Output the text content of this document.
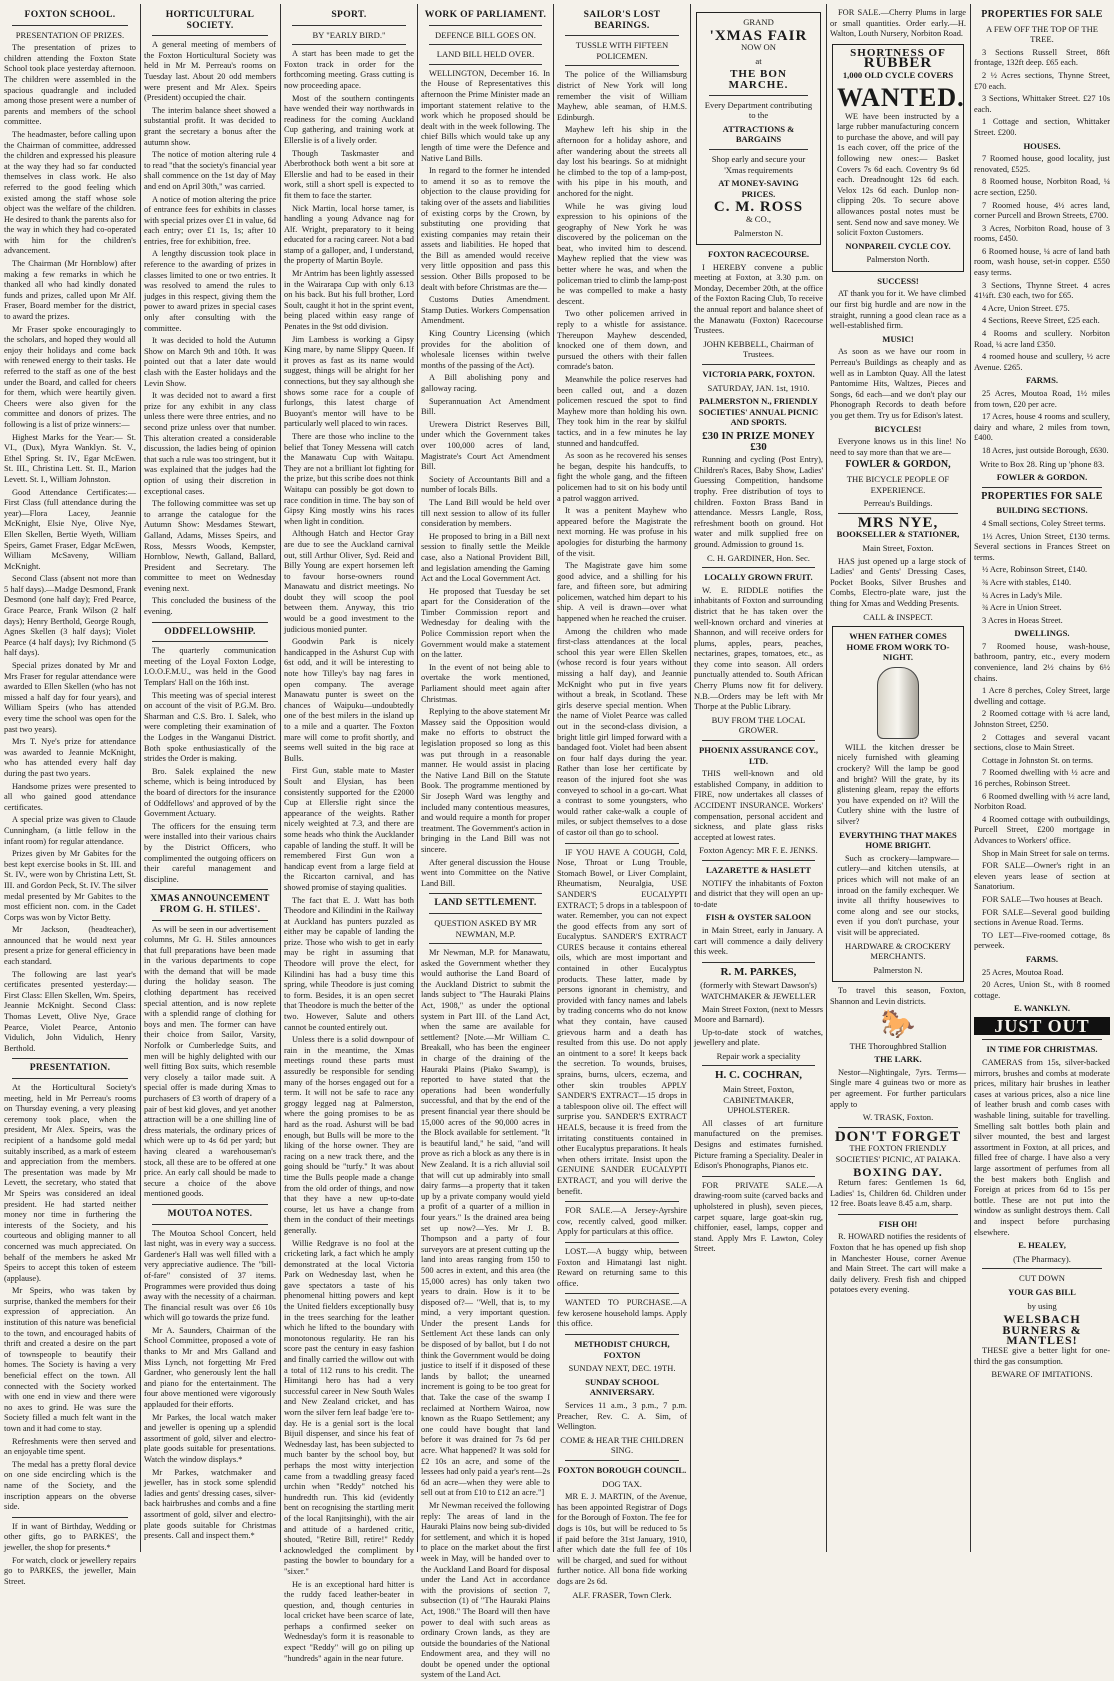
FOXTON SCHOOL.
PRESENTATION OF PRIZES.

The presentation of prizes to children attending the Foxton State School took place yesterday afternoon. The children were assembled in the spacious quadrangle and included among those present were a number of parents and members of the school committee.

The headmaster, before calling upon the Chairman of committee, addressed the children and expressed his pleasure at the way they had so far conducted themselves in class work. He also referred to the good feeling which existed among the staff whose sole object was the welfare of the children. He desired to thank the parents also for the way in which they had co-operated with him for the children's advancement.

The Chairman (Mr Hornblow) after making a few remarks in which he thanked all who had kindly donated funds and prizes, called upon Mr Alf. Fraser, Board member for the district, to award the prizes.

Mr Fraser spoke encouragingly to the scholars, and hoped they would all enjoy their holidays and come back with renewed energy to their tasks. He referred to the staff as one of the best under the Board, and called for cheers for them, which were heartily given. Cheers were also given for the committee and donors of prizes. The following is a list of prize winners:—

Highest Marks for the Year:— St. VI., (Dux), Myra Wanklyn. St. V., Ethel Spring. St. IV., Egar McEwen. St. III., Christina Lett. St. II., Marion Levett. St. I., William Johnston.

Good Attendance Certificates:— First Class (full attendance during the year)—Flora Lacey, Jeannie McKnight, Elsie Nye, Olive Nye, Ellen Skellen, Bertie Wyeth, William Speirs, Gamet Fraser, Edgar McEwen, William McSaveny, William McKnight.

Second Class (absent not more than 5 half days).—Madge Desmond, Frank Desmond (one half day); Fred Pearce, Grace Pearce, Frank Wilson (2 half days); Henry Berthold, George Rough, Agnes Skellen (3 half days); Violet Pearce (4 half days); Ivy Richmond (5 half days).

Special prizes donated by Mr and Mrs Fraser for regular attendance were awarded to Ellen Skellen (who has not missed a half day for four years), and William Speirs (who has attended every time the school was open for the past two years).

Mrs T. Nye's prize for attendance was awarded to Jeannie McKnight, who has attended every half day during the past two years.

Handsome prizes were presented to all who gained good attendance certificates.

A special prize was given to Claude Cunningham, (a little fellow in the infant room) for regular attendance.

Prizes given by Mr Gabites for the best kept exercise books in St. III. and St. IV., were won by Christina Lett, St. III. and Gordon Peck, St. IV. The silver medal presented by Mr Gabites to the most efficient non. com. in the Cadet Corps was won by Victor Betty.

Mr Jackson, (headteacher), announced that he would next year present a prize for general efficiency in each standard.

The following are last year's certificates presented yesterday:— First Class: Ellen Skellen, Wm. Speirs, Jeannie McKnight. Second Class: Thomas Levett, Olive Nye, Grace Pearce, Violet Pearce, Antonio Vidulich, John Vidulich, Henry Berthold.

PRESENTATION.

At the Horticultural Society's meeting, held in Mr Perreau's rooms on Thursday evening, a very pleasing ceremony took place, when the president, Mr Alex. Speirs, was the recipient of a handsome gold medal suitably inscribed, as a mark of esteem and appreciation from the members. The presentation was made by Mr Levett, the secretary, who stated that Mr Speirs was considered an ideal president. He had started neither money nor time in furthering the interests of the Society, and his courteous and obliging manner to all concerned was much appreciated. On behalf of the members he asked Mr Speirs to accept this token of esteem (applause).

Mr Speirs, who was taken by surprise, thanked the members for their expression of appreciation. An institution of this nature was beneficial to the town, and encouraged habits of thrift and created a desire on the part of townspeople to beautify their homes. The Society is having a very beneficial effect on the town. All connected with the Society worked with one end in view and there were no axes to grind. He was sure the Society filled a much felt want in the town and it had come to stay.

Refreshments were then served and an enjoyable time spent.

The medal has a pretty floral device on one side encircling which is the name of the Society, and the inscription appears on the obverse side.

If in want of Birthday, Wedding or other gifts, go to PARKES', the jeweller, the shop for presents.*

For watch, clock or jewellery repairs go to PARKES, the jeweller, Main Street.

HORTICULTURAL SOCIETY.

A general meeting of members of the Foxton Horticultural Society was held in Mr M. Perreau's rooms on Tuesday last. About 20 odd members were present and Mr Alex. Speirs (President) occupied the chair.

The interim balance sheet showed a substantial profit. It was decided to grant the secretary a bonus after the autumn show.

The notice of motion altering rule 4 to read "that the society's financial year shall commence on the 1st day of May and end on April 30th," was carried.

A notice of motion altering the price of entrance fees for exhibits in classes with special prizes over £1 in value, 6d each entry; over £1 1s, 1s; after 10 entries, free for exhibition, free.

A lengthy discussion took place in reference to the awarding of prizes in classes limited to one or two entries. It was resolved to amend the rules to judges in this respect, giving them the power to award prizes in special cases only after consulting with the committee.

It was decided to hold the Autumn Show on March 9th and 10th. It was pointed out that a later date would clash with the Easter holidays and the Levin Show.

It was decided not to award a first prize for any exhibit in any class unless there were three entries, and no second prize unless over that number. This alteration created a considerable discussion, the ladies being of opinion that such a rule was too stringent, but it was explained that the judges had the option of using their discretion in exceptional cases.

The following committee was set up to arrange the catalogue for the Autumn Show: Mesdames Stewart, Galland, Adams, Misses Speirs, and Ross, Messrs Woods, Kempster, Hornblow, Newth, Galland, Ballard, President and Secretary. The committee to meet on Wednesday evening next.

This concluded the business of the evening.

ODDFELLOWSHIP.

The quarterly communication meeting of the Loyal Foxton Lodge, I.O.O.F.M.U., was held in the Good Templars' Hall on the 16th inst.

This meeting was of special interest on account of the visit of P.G.M. Bro. Sharman and C.S. Bro. I. Salek, who were completing their examination of the Lodges in the Wanganui District. Both spoke enthusiastically of the strides the Order is making.

Bro. Salek explained the new scheme, which is being introduced by the board of directors for the insurance of Oddfellows' and approved of by the Government Actuary.

The officers for the ensuing term were installed into their various chairs by the District Officers, who complimented the outgoing officers on their careful management and discipline.

XMAS ANNOUNCEMENT FROM G. H. STILES'.

As will be seen in our advertisement columns, Mr G. H. Stiles announces that full preparations have been made in the various departments to cope with the demand that will be made during the holiday season. The clothing department has received special attention, and is now replete with a splendid range of clothing for boys and men. The former can have their choice from Sailor, Varsity, Norfolk or Cumberledge Suits, and men will be highly delighted with our well fitting Box suits, which resemble very closely a tailor made suit. A special offer is made during Xmas to purchasers of £3 worth of drapery of a pair of best kid gloves, and yet another attraction will be a one shilling line of dress materials, the ordinary prices of which were up to 4s 6d per yard; but having cleared a warehouseman's stock, all these are to be offered at one price. An early call should be made to secure a choice of the above mentioned goods.

MOUTOA NOTES.

The Moutoa School Concert, held last night, was in every way a success. Gardener's Hall was well filled with a very appreciative audience. The "bill-of-fare" consisted of 37 items. Programmes were provided thus doing away with the necessity of a chairman. The financial result was over £6 10s which will go towards the prize fund.

Mr A. Saunders, Chairman of the School Committee, proposed a vote of thanks to Mr and Mrs Galland and Miss Lynch, not forgetting Mr Fred Gardner, who generously lent the hall and piano for the entertainment. The four above mentioned were vigorously applauded for their efforts.

Mr Parkes, the local watch maker and jeweller is opening up a splendid assortment of gold, silver and electro-plate goods suitable for presentations. Watch the window displays.*

Mr Parkes, watchmaker and jeweller, has in stock some splendid ladies and gents' dressing cases, silver-back hairbrushes and combs and a fine assortment of gold, silver and electro-plate goods suitable for Christmas presents. Call and inspect them.*

SPORT.
BY "EARLY BIRD."

A start has been made to get the Foxton track in order for the forthcoming meeting. Grass cutting is now proceeding apace.

Most of the southern contingents have wended their way northwards in readiness for the coming Auckland Cup gathering, and training work at Ellerslie is of a lively order.

Though Taskmaster and Aberbrothock both went a bit sore at Ellerslie and had to be eased in their work, still a short spell is expected to fit them to face the starter.

Nick Martin, local horse tamer, is handling a young Advance nag for Alf. Wright, preparatory to it being educated for a racing career. Not a bad stamp of a galloper, and, I understand, the property of Martin Boyle.

Mr Antrim has been lightly assessed in the Wairarapa Cup with only 6.13 on his back. But his full brother, Lord Soult, caught it hot in the sprint event, being placed within easy range of Penates in the 9st odd division.

Jim Lambess is working a Gipsy King mare, by name Slippy Queen. If it proves as fast as its name would suggest, things will be alright for her connections, but they say although she shows some race for a couple of furlongs, this latest charge of Buoyant's mentor will have to be particularly well placed to win races.

There are those who incline to the belief that Toney Messena will catch the Manawatu Cup with Waitapu. They are not a brilliant lot fighting for the prize, but this scribe does not think Waitapu can possibly be got down to race condition in time. The bay son of Gipsy King mostly wins his races when light in condition.

Although Hatch and Hector Gray are due to see the Auckland carnival out, still Arthur Oliver, Syd. Reid and Billy Young are expert horsemen left to favour horse-owners round Manawatu and district meetings. No doubt they will scoop the pool between them. Anyway, this trio would be a good investment to the judicious monied punter.

Goodwin Park is nicely handicapped in the Ashurst Cup with 6st odd, and it will be interesting to note how Tilley's bay nag fares in open company. The average Manawatu punter is sweet on the chances of Waipuku—undoubtedly one of the best milers in the island up to a mile and a quarter. The Foxton mare will come to profit shortly, and seems well suited in the big race at Bulls.

First Gun, stable mate to Master Soult and Elysian, has been consistently supported for the £2000 Cup at Ellerslie right since the appearance of the weights. Rather nicely weighted at 7.3, and there are some heads who think the Aucklander capable of landing the stuff. It will be remembered First Gun won a handicap event from a large field at the Riccarton carnival, and has showed promise of staying qualities.

The fact that E. J. Watt has both Theodore and Kilindini in the Railway at Auckland has punters puzzled as either may be capable of landing the prize. Those who wish to get in early may be right in assuming that Theodore will prove the elect, for Kilindini has had a busy time this spring, while Theodore is just coming to form. Besides, it is an open secret that Theodore is much the better of the two. However, Salute and others cannot be counted entirely out.

Unless there is a solid downpour of rain in the meantime, the Xmas meetings round these parts must assuredly be responsible for sending many of the horses engaged out for a term. It will not be safe to race any groggy legged nag at Palmerston, where the going promises to be as hard as the road. Ashurst will be bad enough, but Bulls will be more to the liking of the horse owner. They are racing on a new track there, and the going should be "turfy." It was about time the Bulls people made a change from the old order of things, and now that they have a new up-to-date course, let us have a change from them in the conduct of their meetings generally.

Willie Redgrave is no fool at the cricketing lark, a fact which he amply demonstrated at the local Victoria Park on Wednesday last, when he gave spectators a taste of his phenomenal hitting powers and kept the United fielders exceptionally busy in the trees searching for the leather which he lifted to the boundary with monotonous regularity. He ran his score past the century in easy fashion and finally carried the willow out with a total of 112 runs to his credit. The Himitangi hero has had a very successful career in New South Wales and New Zealand cricket, and has worn the silver fern leaf badge 'ere to-day. He is a genial sort is the local Bijuil dispenser, and since his feat of Wednesday last, has been subjected to much banter by the school boy, but perhaps the most witty interjection came from a twaddling greasy faced urchin when "Reddy" notched his hundredth run. This kid (evidently bent on recognising the startling merit of the local Ranjitsinghi), with the air and attitude of a hardened critic, shouted, "Retire Bill, retire!" Reddy acknowledged the compliment by pasting the bowler to boundary for a "sixer."

He is an exceptional hard hitter is the ruddy faced leather-beater in question, and, though centuries in local cricket have been scarce of late, perhaps a confirmed seeker on Wednesday's form it is reasonable to expect "Reddy" will go on piling up "hundreds" again in the near future.

WORK OF PARLIAMENT.
DEFENCE BILL GOES ON.
LAND BILL HELD OVER.

WELLINGTON, December 16. In the House of Representatives this afternoon the Prime Minister made an important statement relative to the work which he proposed should be dealt with in the week following. The chief Bills which would take up any length of time were the Defence and Native Land Bills.

In regard to the former he intended to amend it so as to remove the objection to the clause providing for taking over of the assets and liabilities of existing corps by the Crown, by substituting one providing that existing companies may retain their assets and liabilities. He hoped that the Bill as amended would receive very little opposition and pass this session. Other Bills proposed to be dealt with before Christmas are the—

Customs Duties Amendment. Stamp Duties. Workers Compensation Amendment.

King Country Licensing (which provides for the abolition of wholesale licenses within twelve months of the passing of the Act).

A Bill abolishing pony and galloway racing.

Superannuation Act Amendment Bill.

Urewera District Reserves Bill, under which the Government takes over 100,000 acres of land, Magistrate's Court Act Amendment Bill.

Society of Accountants Bill and a number of locals Bills.

The Land Bill would be held over till next session to allow of its fuller consideration by members.

He proposed to bring in a Bill next session to finally settle the Meikle case, also a National Provident Bill, and legislation amending the Gaming Act and the Local Government Act.

He proposed that Tuesday be set apart for the Consideration of the Timber Commission report and Wednesday for dealing with the Police Commission report when the Government would make a statement on the latter.

In the event of not being able to overtake the work mentioned, Parliament should meet again after Christmas.

Replying to the above statement Mr Massey said the Opposition would make no efforts to obstruct the legislation proposed so long as this was put through in a reasonable manner. He would assist in placing the Native Land Bill on the Statute Book. The programme mentioned by Sir Joseph Ward was lengthy and included many contentious measures, and would require a month for proper treatment. The Government's action in bringing in the Land Bill was not sincere.

After general discussion the House went into Committee on the Native Land Bill.

LAND SETTLEMENT.
QUESTION ASKED BY MR NEWMAN, M.P.

Mr Newman, M.P. for Manawatu, asked the Government whether they would authorise the Land Board of the Auckland District to submit the lands subject to "The Hauraki Plains Act, 1908," as under the optional system in Part III. of the Land Act, when the same are available for settlement? [Note.—Mr William C. Breakall, who has been the engineer in charge of the draining of the Hauraki Plains (Piako Swamp), is reported to have stated that the operations had been wonderfully successful, and that by the end of the present financial year there should be 15,000 acres of the 90,000 acres in the Block available for settlement. "It is beautiful land," he said, "and will prove as rich a block as any there is in New Zealand. It is a rich alluvial soil that will cut up admirably into small dairy farms—a property that it taken up by a private company would yield a profit of a quarter of a million in four years." Is the drained area being set up now?—Yes. Mr J. B. Thompson and a party of four surveyors are at present cutting up the land into areas ranging from 150 to 500 acres in extent, and this area (the 15,000 acres) has only taken two years to drain. How is it to be disposed of?— "Well, that is, to my mind, a very important question. Under the present Lands for Settlement Act these lands can only be disposed of by ballot, but I do not think the Government would be doing justice to itself if it disposed of these lands by ballot; the unearned increment is going to be too great for that. Take the case of the swamp I reclaimed at Northern Wairoa, now known as the Ruapo Settlement; any one could have bought that land before it was drained for 7s 6d per acre. What happened? It was sold for £2 10s an acre, and some of the lessees had only paid a year's rent—2s 6d an acre—when they were able to sell out at from £10 to £12 an acre."]

Mr Newman received the following reply: The areas of land in the Hauraki Plains now being sub-divided for settlement, and which it is hoped to place on the market about the first week in May, will be handed over to the Auckland Land Board for disposal under the Land Act in accordance with the provisions of section 7, subsection (1) of "The Hauraki Plains Act, 1908." The Board will then have power to deal with such areas as ordinary Crown lands, as they are outside the boundaries of the National Endowment area, and they will no doubt be opened under the optional system of the Land Act.

SAILOR'S LOST BEARINGS.
TUSSLE WITH FIFTEEN POLICEMEN.

The police of the Williamsburg district of New York will long remember the visit of William Mayhew, able seaman, of H.M.S. Edinburgh.

Mayhew left his ship in the afternoon for a holiday ashore, and after wandering about the streets all day lost his bearings. So at midnight he climbed to the top of a lamp-post, with his pipe in his mouth, and anchored for the night.

While he was giving loud expression to his opinions of the geography of New York he was discovered by the policeman on the beat, who invited him to descend. Mayhew replied that the view was better where he was, and when the policeman tried to climb the lamp-post he was compelled to make a hasty descent.

Two other policemen arrived in reply to a whistle for assistance. Thereupon Mayhew descended, knocked one of them down, and pursued the others with their fallen comrade's baton.

Meanwhile the police reserves had been called out, and a dozen policemen rescued the spot to find Mayhew more than holding his own. They took him in the rear by skilful tactics, and in a few minutes he lay stunned and handcuffed.

As soon as he recovered his senses he began, despite his handcuffs, to fight the whole gang, and the fifteen policemen had to sit on his body until a patrol waggon arrived.

It was a penitent Mayhew who appeared before the Magistrate the next morning. He was profuse in his apologies for disturbing the harmony of the visit.

The Magistrate gave him some good advice, and a shilling for his fare, and fifteen sore, but admiring policemen, watched him depart to his ship. A veil is drawn—over what happened when he reached the cruiser.

Among the children who made first-class attendances at the local school this year were Ellen Skellen (whose record is four years without missing a half day), and Jeannie McKnight who put in five years without a break, in Scotland. These girls deserve special mention. When the name of Violet Pearce was called out in the second-class division, a bright little girl limped forward with a bandaged foot. Violet had been absent on four half days during the year. Rather than lose her certificate by reason of the injured foot she was conveyed to school in a go-cart. What a contrast to some youngsters, who would rather cake-walk a couple of miles, or subject themselves to a dose of castor oil than go to school.

IF YOU HAVE A COUGH, Cold, Nose, Throat or Lung Trouble, Stomach Bowel, or Liver Complaint, Rheumatism, Neuralgia, USE SANDER'S EUCALYPTI EXTRACT; 5 drops in a tablespoon of water. Remember, you can not expect the good effects from any sort of Eucalyptus. SANDER'S EXTRACT CURES because it contains ethereal oils, which are most important and contained in other Eucalyptus products. These latter, made by persons ignorant in chemistry, and provided with fancy names and labels by trading concerns who do not know what they contain, have caused grievous harm and a death has resulted from this use. Do not apply an ointment to a sore! It keeps back the secretion. To wounds, bruises, sprains, burns, ulcers, eczema, and other skin troubles APPLY SANDER'S EXTRACT—15 drops in a tablespoon olive oil. The effect will surprise you. SANDER'S EXTRACT HEALS, because it is freed from the irritating constituents contained in other Eucalyptus preparations. It heals when others irritate. Insist upon the GENUINE SANDER EUCALYPTI EXTRACT, and you will derive the benefit.

FOR SALE.—A Jersey-Ayrshire cow, recently calved, good milker. Apply for particulars at this office.

LOST.—A buggy whip, between Foxton and Himatangi last night. Reward on returning same to this office.

WANTED TO PURCHASE.—A few kerosene household lamps. Apply this office.

METHODIST CHURCH, FOXTON
SUNDAY NEXT, DEC. 19TH.
SUNDAY SCHOOL ANNIVERSARY.

Services 11 a.m., 3 p.m., 7 p.m. Preacher, Rev. C. A. Sim, of Wellington.

COME & HEAR THE CHILDREN SING.
FOXTON BOROUGH COUNCIL.
DOG TAX.

MR E. J. MARTIN, of the Avenue, has been appointed Registrar of Dogs for the Borough of Foxton. The fee for dogs is 10s, but will be reduced to 5s if paid before the 31st January, 1910, after which date the full fee of 10s will be charged, and sued for without further notice. All bona fide working dogs are 2s 6d.

ALF. FRASER, Town Clerk.
GRAND
'XMAS FAIR
NOW ON
at
THE BON MARCHE.
Every Department contributing to the
ATTRACTIONS & BARGAINS
Shop early and secure your 'Xmas requirements
AT MONEY-SAVING PRICES.
C. M. ROSS
& CO.,
Palmerston N.
FOXTON RACECOURSE.

I HEREBY convene a public meeting at Foxton, at 3.30 p.m. on Monday, December 20th, at the office of the Foxton Racing Club, To receive the annual report and balance sheet of the Manawatu (Foxton) Racecourse Trustees.

JOHN KEBBELL, Chairman of Trustees.
VICTORIA PARK, FOXTON.
SATURDAY, JAN. 1st, 1910.
PALMERSTON N., FRIENDLY SOCIETIES' ANNUAL PICNIC AND SPORTS.
£30 IN PRIZE MONEY £30

Running and cycling (Post Entry), Children's Races, Baby Show, Ladies' Guessing Competition, handsome trophy. Free distribution of toys to children. Foxton Brass Band in attendance. Messrs Langle, Ross, refreshment booth on ground. Hot water and milk supplied free on ground. Admission to ground 1s.

C. H. GARDINER, Hon. Sec.
LOCALLY GROWN FRUIT.

W. E. RIDDLE notifies the inhabitants of Foxton and surrounding district that he has taken over the well-known orchard and vineries at Shannon, and will receive orders for plums, apples, pears, peaches, nectarines, grapes, tomatoes, etc., as they come into season. All orders punctually attended to. South African Cherry Plums now fit for delivery. N.B.—Orders may be left with Mr Thorpe at the Public Library.

BUY FROM THE LOCAL GROWER.
PHOENIX ASSURANCE COY., LTD.

THIS well-known and old established Company, in addition to FIRE, now undertakes all classes of ACCIDENT INSURANCE. Workers' compensation, personal accident and sickness, and plate glass risks accepted at lowest rates.

Foxton Agency: MR F. E. JENKS.
LAZARETTE & HASLETT

NOTIFY the inhabitants of Foxton and district that they will open an up-to-date

FISH & OYSTER SALOON

in Main Street, early in January. A cart will commence a daily delivery this week.

R. M. PARKES,
(formerly with Stewart Dawson's) WATCHMAKER & JEWELLER

Main Street Foxton, (next to Messrs Moore and Barnard).

Up-to-date stock of watches, jewellery and plate.

Repair work a speciality
H. C. COCHRAN,
Main Street, Foxton, CABINETMAKER, UPHOLSTERER.

All classes of art furniture manufactured on the premises. Designs and estimates furnished. Picture framing a Speciality. Dealer in Edison's Phonographs, Pianos etc.

FOR PRIVATE SALE.—A drawing-room suite (carved backs and upholstered in plush), seven pieces, carpet square, large goat-skin rug, chiffonier, easel, lamps, copper and stand. Apply Mrs F. Lawton, Coley Street.

FOR SALE.—Cherry Plums in large or small quantities. Order early.—H. Walton, Louth Nursery, Norbiton Road.

SHORTNESS OF
RUBBER
1,000 OLD CYCLE COVERS
WANTED.

WE have been instructed by a large rubber manufacturing concern to purchase the above, and will pay 1s each cover, off the price of the following new ones:— Basket Covers 7s 6d each. Coventry 9s 6d each. Dreadnought 12s 6d each. Velox 12s 6d each. Dunlop non-clipping 20s. To secure above allowances postal notes must be sent. Send now and save money. We solicit Foxton Customers.

NONPAREIL CYCLE COY.
Palmerston North.
SUCCESS!

AT thank you for it. We have climbed our first big hurdle and are now in the straight, running a good clean race as a well-established firm.

MUSIC!

As soon as we have our room in Perreau's Buildings as cheaply and as well as in Lambton Quay. All the latest Pantomime Hits, Waltzes, Pieces and Songs, 6d each—and we don't play our Phonograph Records to death before you get them. Try us for Edison's latest.

BICYCLES!

Everyone knows us in this line! No need to say more than that we are—

FOWLER & GORDON,
THE BICYCLE PEOPLE OF EXPERIENCE.
Perreau's Buildings.
MRS NYE,
BOOKSELLER & STATIONER,
Main Street, Foxton.

HAS just opened up a large stock of Ladies' and Gents' Dressing Cases, Pocket Books, Silver Brushes and Combs, Electro-plate ware, just the thing for Xmas and Wedding Presents.

CALL & INSPECT.
WHEN FATHER COMES HOME FROM WORK TO-NIGHT.

WILL the kitchen dresser be nicely furnished with gleaming crockery? Will the lamp be good and bright? Will the grate, by its glistening gleam, repay the efforts you have expended on it? Will the Cutlery shine with the lustre of silver?

EVERYTHING THAT MAKES HOME BRIGHT.

Such as crockery—lampware—cutlery—and kitchen utensils, at prices which will not make of an inroad on the family exchequer. We invite all thrifty housewives to come along and see our stocks, even if you don't purchase, your visit will be appreciated.

HARDWARE & CROCKERY MERCHANTS.
Palmerston N.

To travel this season, Foxton, Shannon and Levin districts.

🐎
THE Thoroughbred Stallion
THE LARK.

Nestor—Nightingale, 7yrs. Terms—Single mare 4 guineas two or more as per agreement. For further particulars apply to

W. TRASK, Foxton.
DON'T FORGET
THE FOXTON FRIENDLY SOCIETIES' PICNIC, AT PAIAKA.
BOXING DAY.

Return fares: Gentlemen 1s 6d, Ladies' 1s, Children 6d. Children under 12 free. Boats leave 8.45 a.m, sharp.

FISH OH!

R. HOWARD notifies the residents of Foxton that he has opened up fish shop in Manchester House, corner Avenue and Main Street. The cart will make a daily delivery. Fresh fish and chipped potatoes every evening.

PROPERTIES FOR SALE
A FEW OFF THE TOP OF THE TREE.

3 Sections Russell Street, 86ft frontage, 132ft deep. £65 each.

2 ½ Acres sections, Thynne Street, £70 each.

3 Sections, Whittaker Street. £27 10s each.

1 Cottage and section, Whittaker Street. £200.

HOUSES.

7 Roomed house, good locality, just renovated, £525.

8 Roomed house, Norbiton Road, ¼ acre section, £250.

7 Roomed house, 4½ acres land, corner Purcell and Brown Streets, £700.

3 Acres, Norbiton Road, house of 3 rooms, £450.

6 Roomed house, ¼ acre of land bath room, wash house, set-in copper. £550 easy terms.

3 Sections, Thynne Street. 4 acres 41¼ft. £30 each, two for £65.

4 Acre, Union Street. £75.

4 Sections, Reeve Street, £25 each.

4 Rooms and scullery. Norbiton Road, ¼ acre land £350.

4 roomed house and scullery, ½ acre Avenue. £265.

FARMS.

25 Acres, Moutoa Road, 1½ miles from town, £20 per acre.

17 Acres, house 4 rooms and scullery, dairy and whare, 2 miles from town, £400.

18 Acres, just outside Borough, £630.

Write to Box 28. Ring up 'phone 83.
FOWLER & GORDON.
PROPERTIES FOR SALE
BUILDING SECTIONS.

4 Small sections, Coley Street terms.

1½ Acres, Union Street, £130 terms. Several sections in Frances Street on terms.

½ Acre, Robinson Street, £140.

¾ Acre with stables, £140.

¼ Acres in Lady's Mile.

¾ Acre in Union Street.

3 Acres in Hoeas Street.

DWELLINGS.

7 Roomed house, wash-house, bathroom, pantry, etc., every modern convenience, land 2½ chains by 6½ chains.

1 Acre 8 perches, Coley Street, large dwelling and cottage.

2 Roomed cottage with ¼ acre land, Johnston Street, £250.

2 Cottages and several vacant sections, close to Main Street.

Cottage in Johnston St. on terms.

7 Roomed dwelling with ½ acre and 16 perches, Robinson Street.

6 Roomed dwelling with ½ acre land, Norbiton Road.

4 Roomed cottage with outbuildings, Purcell Street, £200 mortgage in Advances to Workers' office.

Shop in Main Street for sale on terms.

FOR SALE—Owner's right in an eleven years lease of section at Sanatorium.

FOR SALE—Two houses at Beach.

FOR SALE—Several good building sections in Avenue Road. Terms.

TO LET—Five-roomed cottage, 8s perweek.

FARMS.

25 Acres, Moutoa Road.

20 Acres, Union St., with 8 roomed cottage.

E. WANKLYN.
JUST OUT
IN TIME FOR CHRISTMAS.

CAMERAS from 15s, silver-backed mirrors, brushes and combs at moderate prices, military hair brushes in leather cases at various prices, also a nice line of leather brush and comb cases with washable lining, suitable for travelling. Smelling salt bottles both plain and silver mounted, the best and largest assortment in Foxton, at all prices, and filled free of charge. I have also a very large assortment of perfumes from all the best makers both English and Foreign at prices from 6d to 15s per bottle. These are not put into the window as sunlight destroys them. Call and inspect before purchasing elsewhere.

E. HEALEY,
(The Pharmacy).
CUT DOWN
YOUR GAS BILL
by using
WELSBACH BURNERS & MANTLES!

THESE give a better light for one-third the gas consumption.

BEWARE OF IMITATIONS.
